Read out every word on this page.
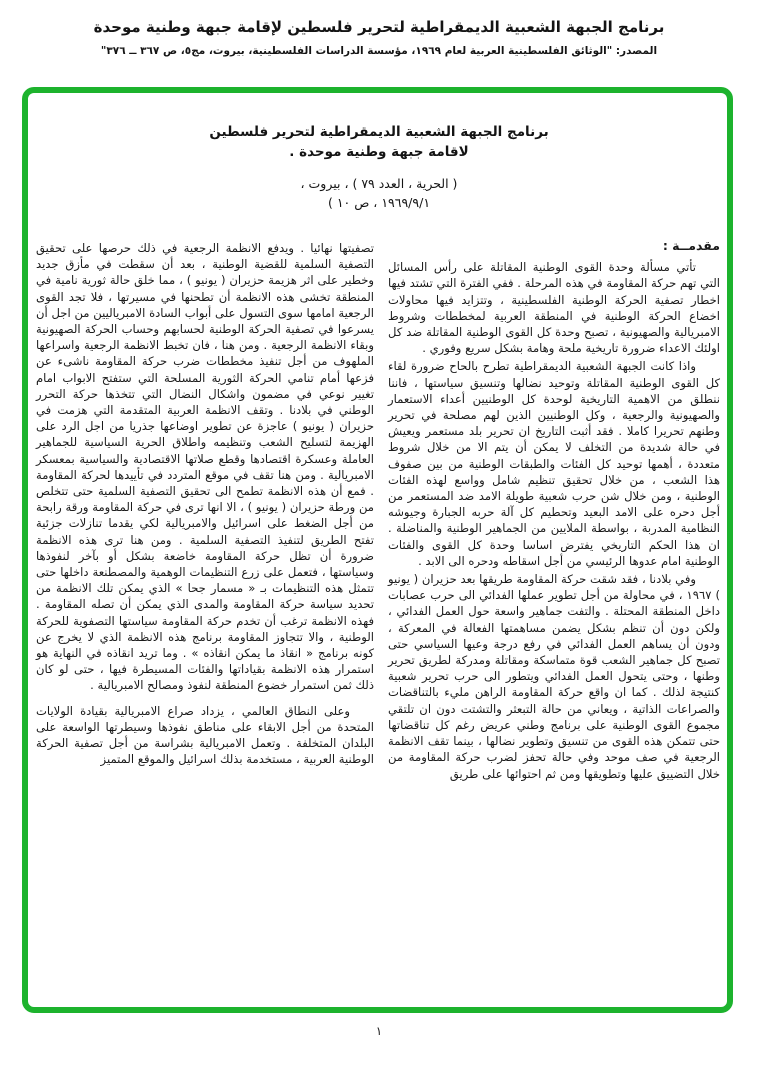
برنامج الجبهة الشعبية الديمقراطية لتحرير فلسطين لإقامة جبهة وطنية موحدة
المصدر: "الوثائق الفلسطينية العربية لعام ١٩٦٩، مؤسسة الدراسات الفلسطينية، بيروت، مج٥، ص ٣٦٧ ــ ٣٧٦"
برنامج الجبهة الشعبية الديمقراطية لتحرير فلسطين
لاقامة جبهة وطنية موحدة .
( الحرية ، العدد ٧٩ ) ، بيروت ،
١٩٦٩/٩/١ ، ص ١٠ )
مقدمــة :

تأتي مسألة وحدة القوى الوطنية المقاتلة على رأس المسائل التي تهم حركة المقاومة في هذه المرحلة . ففي الفترة التي تشتد فيها اخطار تصفية الحركة الوطنية الفلسطينية ، وتتزايد فيها محاولات اخضاع الحركة الوطنية في المنطقة العربية لمخططات وشروط الامبريالية والصهيونية ، تصبح وحدة كل القوى الوطنية المقاتلة ضد كل اولئك الاعداء ضرورة تاريخية ملحة وهامة بشكل سريع وفوري .

واذا كانت الجبهة الشعبية الديمقراطية تطرح بالحاح ضرورة لقاء كل القوى الوطنية المقاتلة وتوحيد نضالها وتنسيق سياستها ، فاننا ننطلق من الاهمية التاريخية لوحدة كل الوطنيين أعداء الاستعمار والصهيونية والرجعية ، وكل الوطنيين الذين لهم مصلحة في تحرير وطنهم تحريرا كاملا . فقد أثبت التاريخ ان تحرير بلد مستعمر ويعيش في حالة شديدة من التخلف لا يمكن أن يتم الا من خلال شروط متعددة ، أهمها توحيد كل الفئات والطبقات الوطنية من بين صفوف هذا الشعب ، من خلال تحقيق تنظيم شامل وواسع لهذه الفئات الوطنية ، ومن خلال شن حرب شعبية طويلة الامد ضد المستعمر من أجل دحره على الامد البعيد وتحطيم كل آلة حربه الجبارة وجيوشه النظامية المدربة ، بواسطة الملايين من الجماهير الوطنية والمناضلة . ان هذا الحكم التاريخي يفترض اساسا وحدة كل القوى والفئات الوطنية امام عدوها الرئيسي من أجل اسقاطه ودحره الى الابد .

وفي بلادنا ، فقد شقت حركة المقاومة طريقها بعد حزيران ( يونيو ) ١٩٦٧ ، في محاولة من أجل تطوير عملها الفدائي الى حرب عصابات داخل المنطقة المحتلة . والتفت جماهير واسعة حول العمل الفدائي ، ولكن دون أن تنظم بشكل يضمن مساهمتها الفعالة في المعركة ، ودون أن يساهم العمل الفدائي في رفع درجة وعيها السياسي حتى تصبح كل جماهير الشعب قوة متماسكة ومقاتلة ومدركة لطريق تحرير وطنها ، وحتى يتحول العمل الفدائي ويتطور الى حرب تحرير شعبية كنتيجة لذلك . كما ان واقع حركة المقاومة الراهن مليء بالتناقضات والصراعات الذاتية ، ويعاني من حالة التبعثر والتشتت دون ان تلتقي مجموع القوى الوطنية على برنامج وطني عريض رغم كل تناقضاتها حتى تتمكن هذه القوى من تنسيق وتطوير نضالها ، بينما تقف الانظمة الرجعية في صف موحد وفي حالة تحفز لضرب حركة المقاومة من خلال التضييق عليها وتطويقها ومن ثم احتوائها على طريق

تصفيتها نهائيا . ويدفع الانظمة الرجعية في ذلك حرصها على تحقيق التصفية السلمية للقضية الوطنية ، بعد أن سقطت في مأزق جديد وخطير على اثر هزيمة حزيران ( يونيو ) ، مما خلق حالة ثورية نامية في المنطقة تخشى هذه الانظمة أن تطحنها في مسيرتها ، فلا تجد القوى الرجعية امامها سوى التسول على أبواب السادة الامبرياليين من اجل أن يسرعوا في تصفية الحركة الوطنية لحسابهم وحساب الحركة الصهيونية وبقاء الانظمة الرجعية . ومن هنا ، فان تخبط الانظمة الرجعية واسراعها الملهوف من أجل تنفيذ مخططات ضرب حركة المقاومة ناشىء عن فزعها أمام تنامي الحركة الثورية المسلحة التي ستفتح الابواب امام تغيير نوعي في مضمون واشكال النضال التي تتخذها حركة التحرر الوطني في بلادنا . وتقف الانظمة العربية المتقدمة التي هزمت في حزيران ( يونيو ) عاجزة عن تطوير اوضاعها جذريا من اجل الرد على الهزيمة لتسليح الشعب وتنظيمه واطلاق الحرية السياسية للجماهير العاملة وعسكرة اقتصادها وقطع صلاتها الاقتصادية والسياسية بمعسكر الامبريالية . ومن هنا تقف في موقع المتردد في تأييدها لحركة المقاومة . فمع أن هذه الانظمة تطمح الى تحقيق التصفية السلمية حتى تتخلص من ورطة حزيران ( يونيو ) ، الا انها ترى في حركة المقاومة ورقة رابحة من أجل الضغط على اسرائيل والامبريالية لكي يقدما تنازلات جزئية تفتح الطريق لتنفيذ التصفية السلمية . ومن هنا ترى هذه الانظمة ضرورة أن تظل حركة المقاومة خاضعة بشكل أو بآخر لنفوذها وسياستها ، فتعمل على زرع التنظيمات الوهمية والمصطنعة داخلها حتى تتمثل هذه التنظيمات بـ « مسمار جحا » الذي يمكن تلك الانظمة من تحديد سياسة حركة المقاومة والمدى الذي يمكن أن تصله المقاومة . فهذه الانظمة ترغب أن تخدم حركة المقاومة سياستها التصفوية للحركة الوطنية ، والا تتجاوز المقاومة برنامج هذه الانظمة الذي لا يخرج عن كونه برنامج « انقاذ ما يمكن انقاذه » . وما تريد انقاذه في النهاية هو استمرار هذه الانظمة بقياداتها والفئات المسيطرة فيها ، حتى لو كان ذلك ثمن استمرار خضوع المنطقة لنفوذ ومصالح الامبريالية .

وعلى النطاق العالمي ، يزداد صراع الامبريالية بقيادة الولايات المتحدة من أجل الابقاء على مناطق نفوذها وسيطرتها الواسعة على البلدان المتخلفة . وتعمل الامبريالية بشراسة من أجل تصفية الحركة الوطنية العربية ، مستخدمة بذلك اسرائيل والموقع المتميز

١
